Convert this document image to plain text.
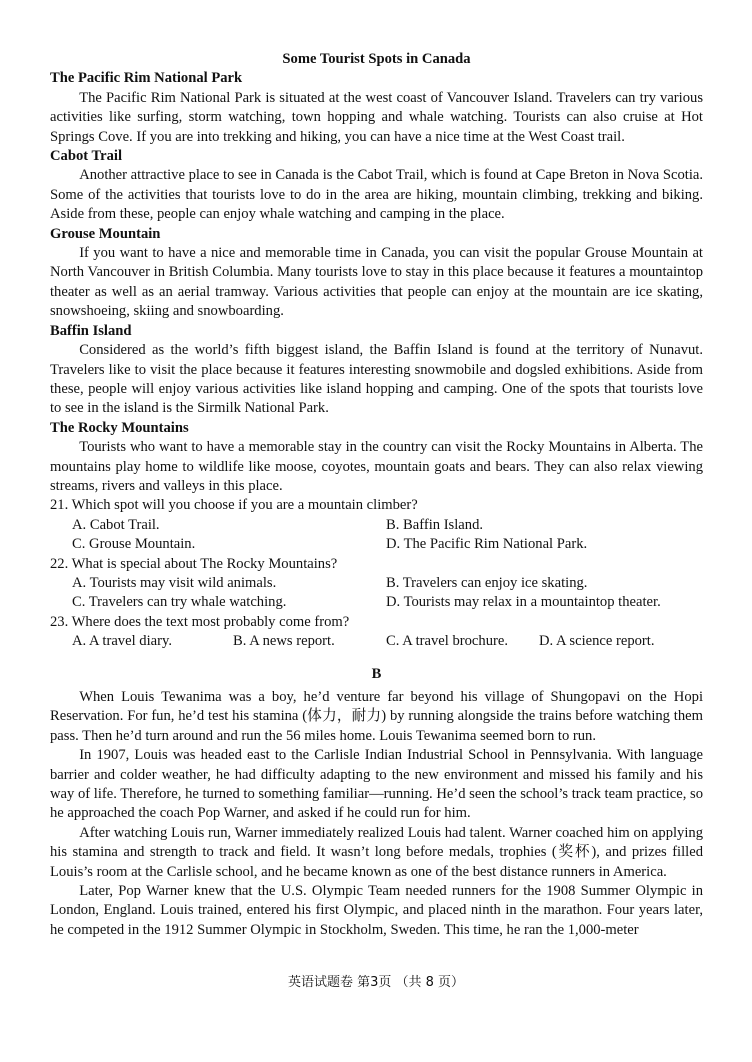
Some Tourist Spots in Canada

The Pacific Rim National Park

The Pacific Rim National Park is situated at the west coast of Vancouver Island. Travelers can try various activities like surfing, storm watching, town hopping and whale watching. Tourists can also cruise at Hot Springs Cove. If you are into trekking and hiking, you can have a nice time at the West Coast trail.

Cabot Trail

Another attractive place to see in Canada is the Cabot Trail, which is found at Cape Breton in Nova Scotia. Some of the activities that tourists love to do in the area are hiking, mountain climbing, trekking and biking. Aside from these, people can enjoy whale watching and camping in the place.

Grouse Mountain

If you want to have a nice and memorable time in Canada, you can visit the popular Grouse Mountain at North Vancouver in British Columbia. Many tourists love to stay in this place because it features a mountaintop theater as well as an aerial tramway. Various activities that people can enjoy at the mountain are ice skating, snowshoeing, skiing and snowboarding.

Baffin Island

Considered as the world’s fifth biggest island, the Baffin Island is found at the territory of Nunavut. Travelers like to visit the place because it features interesting snowmobile and dogsled exhibitions. Aside from these, people will enjoy various activities like island hopping and camping. One of the spots that tourists love to see in the island is the Sirmilk National Park.

The Rocky Mountains

Tourists who want to have a memorable stay in the country can visit the Rocky Mountains in Alberta. The mountains play home to wildlife like moose, coyotes, mountain goats and bears. They can also relax viewing streams, rivers and valleys in this place.

21. Which spot will you choose if you are a mountain climber?

A. Cabot Trail.	B. Baffin Island.
C. Grouse Mountain.	D. The Pacific Rim National Park.

22. What is special about The Rocky Mountains?

A. Tourists may visit wild animals.	B. Travelers can enjoy ice skating.
C. Travelers can try whale watching.	D. Tourists may relax in a mountaintop theater.

23. Where does the text most probably come from?

A. A travel diary.	B. A news report.	C. A travel brochure.	D. A science report.

B

When Louis Tewanima was a boy, he’d venture far beyond his village of Shungopavi on the Hopi Reservation. For fun, he’d test his stamina (体力，耐力) by running alongside the trains before watching them pass. Then he’d turn around and run the 56 miles home. Louis Tewanima seemed born to run.

In 1907, Louis was headed east to the Carlisle Indian Industrial School in Pennsylvania. With language barrier and colder weather, he had difficulty adapting to the new environment and missed his family and his way of life. Therefore, he turned to something familiar—running. He’d seen the school’s track team practice, so he approached the coach Pop Warner, and asked if he could run for him.

After watching Louis run, Warner immediately realized Louis had talent. Warner coached him on applying his stamina and strength to track and field. It wasn’t long before medals, trophies (奖杯), and prizes filled Louis’s room at the Carlisle school, and he became known as one of the best distance runners in America.

Later, Pop Warner knew that the U.S. Olympic Team needed runners for the 1908 Summer Olympic in London, England. Louis trained, entered his first Olympic, and placed ninth in the marathon. Four years later, he competed in the 1912 Summer Olympic in Stockholm, Sweden. This time, he ran the 1,000-meter

英语试题卷 第3页 （共 8 页）
